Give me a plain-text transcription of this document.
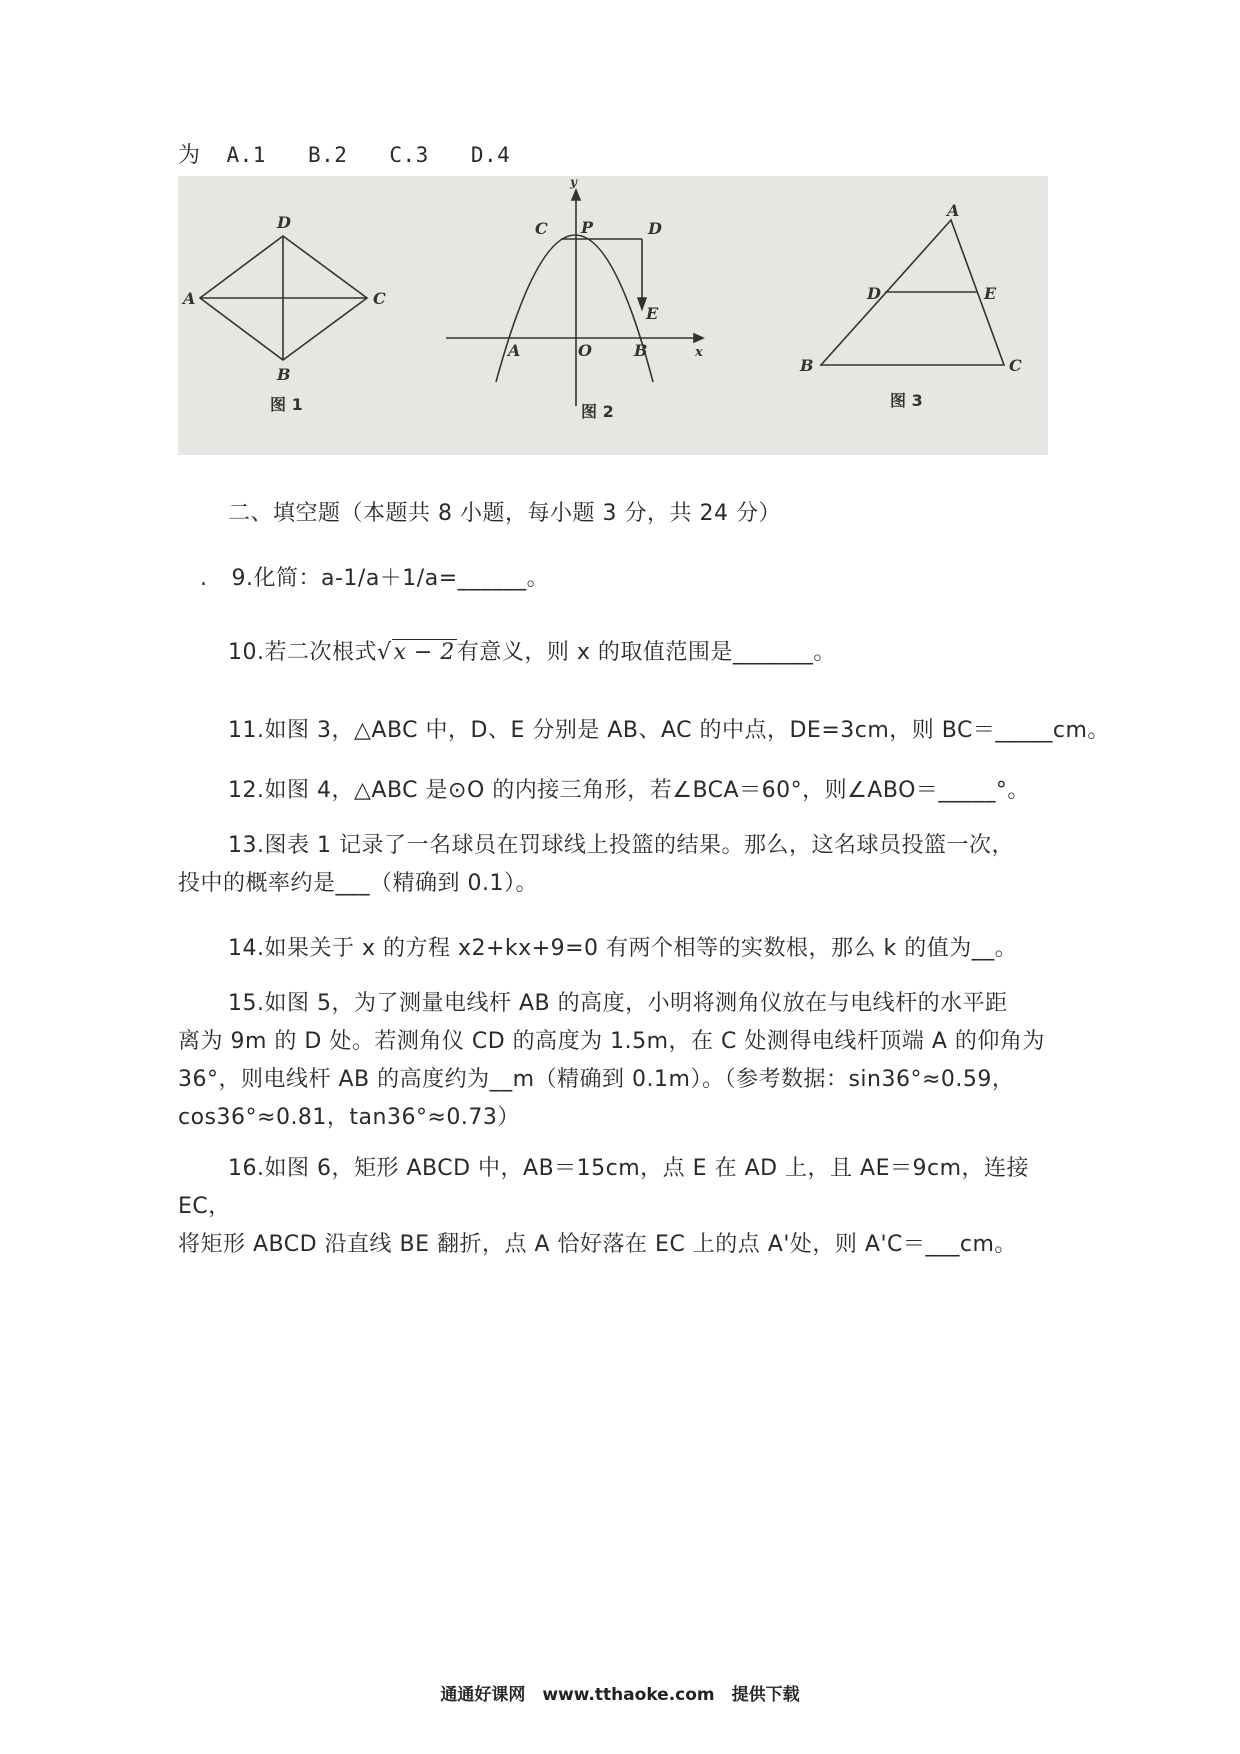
为 A.1 B.2 C.3 D.4
D
A	C
B
图 1
y
C P	D
E
A	O	B	x
图 2
A
D	E
B	C
图 3
二、填空题（本题共 8 小题，每小题 3 分，共 24 分）
. 9.化简：a-1/a＋1/a=______。
10.若二次根式√x − 2有意义，则 x 的取值范围是_______。
11.如图 3，△ABC 中，D、E 分别是 AB、AC 的中点，DE=3cm，则 BC＝_____cm。
12.如图 4，△ABC 是⊙O 的内接三角形，若∠BCA＝60°，则∠ABO＝_____°。
13.图表 1 记录了一名球员在罚球线上投篮的结果。那么，这名球员投篮一次，
投中的概率约是___（精确到 0.1）。
14.如果关于 x 的方程 x2+kx+9=0 有两个相等的实数根，那么 k 的值为__。
15.如图 5，为了测量电线杆 AB 的高度，小明将测角仪放在与电线杆的水平距
离为 9m 的 D 处。若测角仪 CD 的高度为 1.5m，在 C 处测得电线杆顶端 A 的仰角为
36°，则电线杆 AB 的高度约为__m（精确到 0.1m）。（参考数据：sin36°≈0.59，
cos36°≈0.81，tan36°≈0.73）
16.如图 6，矩形 ABCD 中，AB＝15cm，点 E 在 AD 上，且 AE＝9cm，连接 EC，
将矩形 ABCD 沿直线 BE 翻折，点 A 恰好落在 EC 上的点 A'处，则 A'C＝___cm。
通通好课网　www.tthaoke.com　提供下载
